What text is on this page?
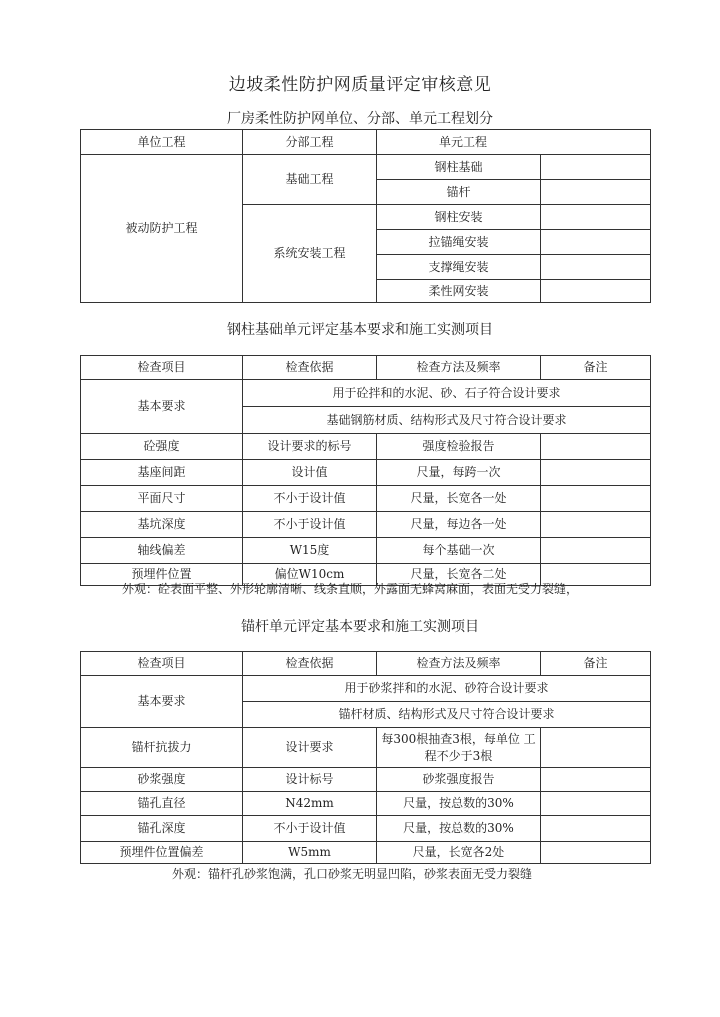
边坡柔性防护网质量评定审核意见
厂房柔性防护网单位、分部、单元工程划分
单位工程	分部工程	单元工程	
被动防护工程	基础工程	钢柱基础	
		锚杆	
	系统安装工程	钢柱安装	
		拉锚绳安装	
		支撑绳安装	
		柔性网安装	
钢柱基础单元评定基本要求和施工实测项目
检查项目	检查依据	检查方法及频率	备注
基本要求	用于砼拌和的水泥、砂、石子符合设计要求		
	基础钢筋材质、结构形式及尺寸符合设计要求		
砼强度	设计要求的标号	强度检验报告	
基座间距	设计值	尺量，每跨一次	
平面尺寸	不小于设计值	尺量，长宽各一处	
基坑深度	不小于设计值	尺量，每边各一处	
轴线偏差	W15度	每个基础一次	
预埋件位置	偏位W10cm	尺量，长宽各二处	
外观：砼表面平整、外形轮廓清晰、线条直顺，外露面无蜂窝麻面，表面无受力裂缝，
锚杆单元评定基本要求和施工实测项目
检查项目	检查依据	检查方法及频率	备注
基本要求	用于砂浆拌和的水泥、砂符合设计要求		
	锚杆材质、结构形式及尺寸符合设计要求		
锚杆抗拔力	设计要求	每300根抽查3根，每单位 工程不少于3根	
砂浆强度	设计标号	砂浆强度报告	
锚孔直径	N42mm	尺量，按总数的30%	
锚孔深度	不小于设计值	尺量，按总数的30%	
预埋件位置偏差	W5mm	尺量，长宽各2处	
外观：锚杆孔砂浆饱满，孔口砂浆无明显凹陷，砂浆表面无受力裂缝
